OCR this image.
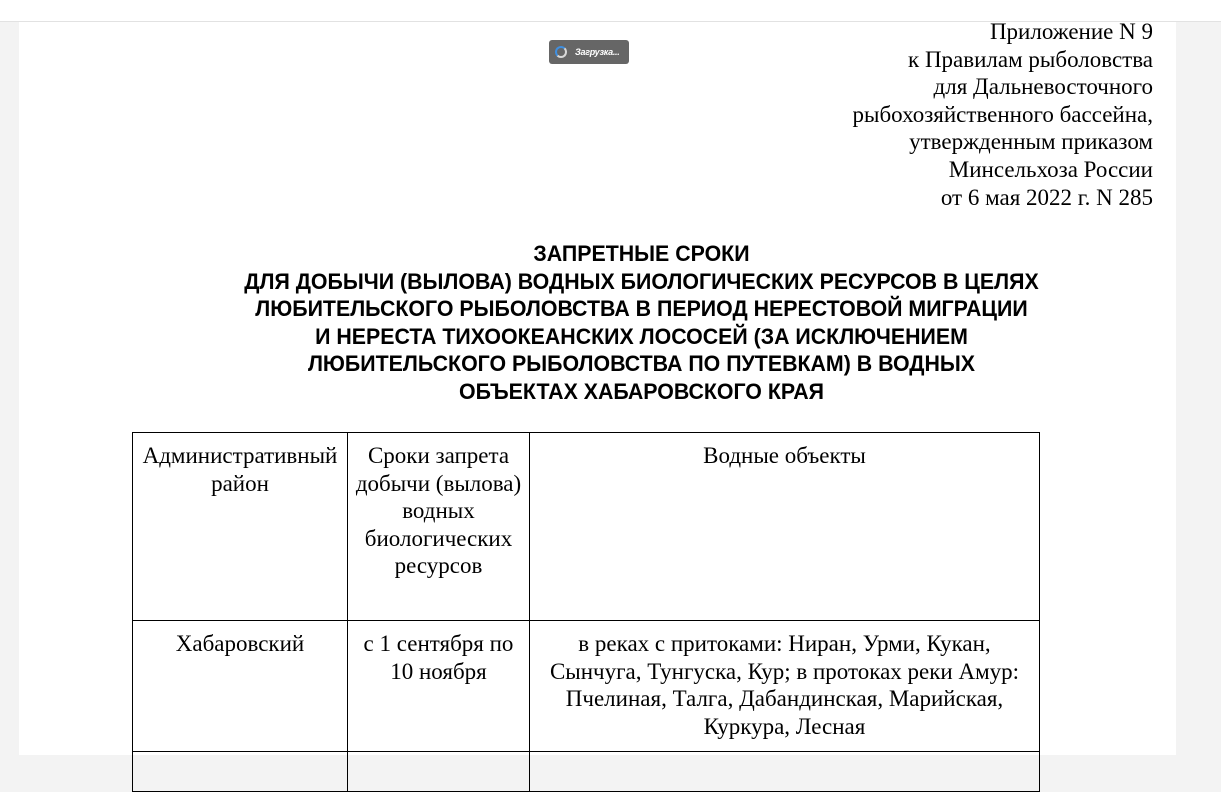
Загрузка...
Приложение N 9
к Правилам рыболовства
для Дальневосточного
рыбохозяйственного бассейна,
утвержденным приказом
Минсельхоза России
от 6 мая 2022 г. N 285
ЗАПРЕТНЫЕ СРОКИ
ДЛЯ ДОБЫЧИ (ВЫЛОВА) ВОДНЫХ БИОЛОГИЧЕСКИХ РЕСУРСОВ В ЦЕЛЯХ
ЛЮБИТЕЛЬСКОГО РЫБОЛОВСТВА В ПЕРИОД НЕРЕСТОВОЙ МИГРАЦИИ
И НЕРЕСТА ТИХООКЕАНСКИХ ЛОСОСЕЙ (ЗА ИСКЛЮЧЕНИЕМ
ЛЮБИТЕЛЬСКОГО РЫБОЛОВСТВА ПО ПУТЕВКАМ) В ВОДНЫХ
ОБЪЕКТАХ ХАБАРОВСКОГО КРАЯ
Административный район	Сроки запрета добычи (вылова) водных биологических ресурсов	Водные объекты
Хабаровский	с 1 сентября по 10 ноября	в реках с притоками: Ниран, Урми, Кукан, Сынчуга, Тунгуска, Кур; в протоках реки Амур: Пчелиная, Талга, Дабандинская, Марийская, Куркура, Лесная
